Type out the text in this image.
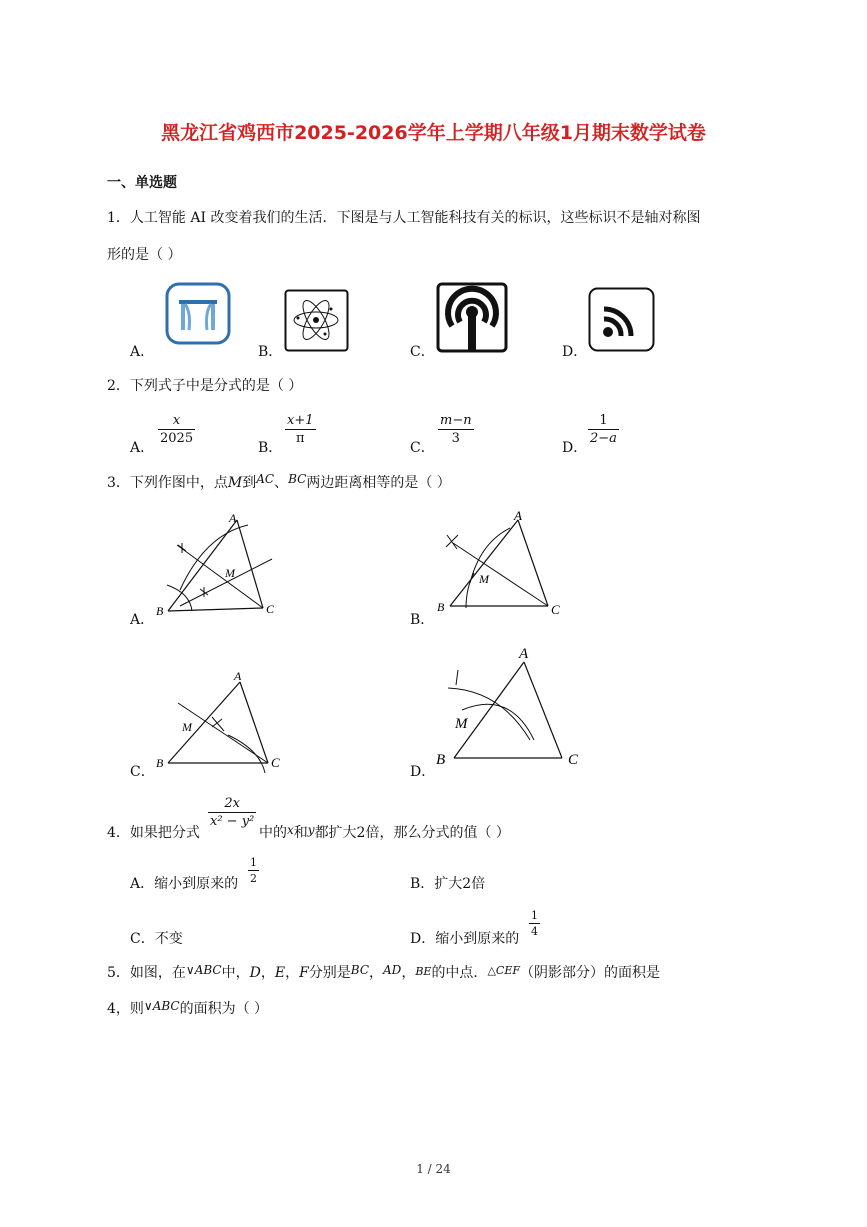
黑龙江省鸡西市2025-2026学年上学期八年级1月期末数学试卷
一、单选题
1．人工智能 AI 改变着我们的生活．下图是与人工智能科技有关的标识，这些标识不是轴对称图
形的是（ ）
A．	B．	C．	D．
2．下列式子中是分式的是（ ）
A．
x
2025
B．
x+1
π
C．
m−n
3
D．
1
2−a
3．下列作图中，点M到AC、BC两边距离相等的是（ ）
A．
A
B	C
M
B．
A
B	C
M
C．
A
B	C
M
D．
A
B	C
M
4．如果把分式
2x
x² − y²
中的x和y都扩大2倍，那么分式的值（ ）
A．缩小到原来的
1
2	B．扩大2倍
C．不变	D．缩小到原来的
1
4
5．如图，在∨ABC中，D，E，F分别是BC，AD，BE的中点．$^{\triangle CEF}$（阴影部分）的面积是
4，则∨ABC的面积为（ ）
1 / 24
